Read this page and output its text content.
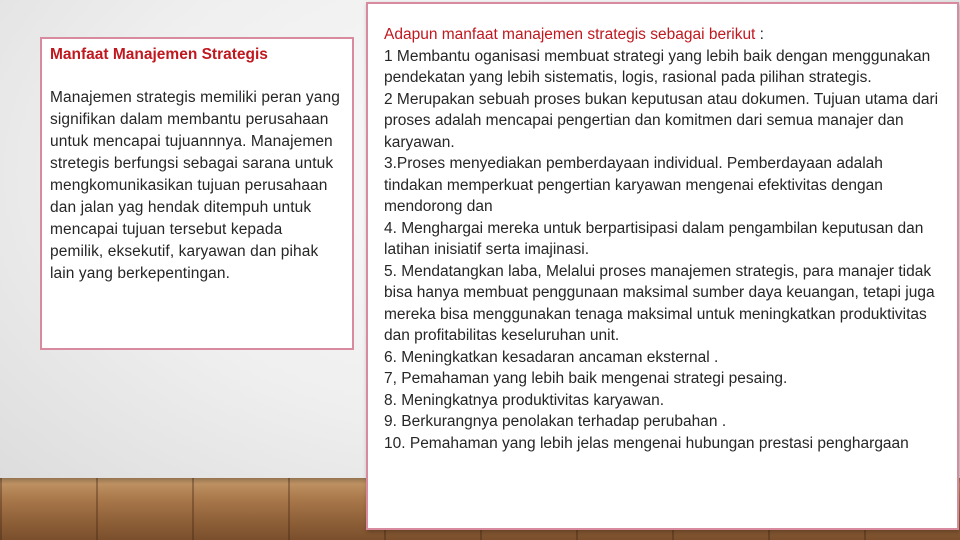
Manfaat Manajemen Strategis
Manajemen strategis memiliki peran yang signifikan dalam membantu perusahaan untuk mencapai tujuannnya. Manajemen stretegis berfungsi sebagai sarana untuk mengkomunikasikan tujuan perusahaan dan jalan yag hendak ditempuh untuk mencapai tujuan tersebut kepada pemilik, eksekutif, karyawan dan pihak lain yang berkepentingan.
Adapun manfaat manajemen strategis sebagai berikut :
1 Membantu oganisasi membuat strategi yang lebih baik dengan menggunakan pendekatan yang lebih sistematis, logis, rasional pada pilihan strategis.
2 Merupakan sebuah proses bukan keputusan atau dokumen. Tujuan utama dari proses adalah mencapai pengertian dan komitmen dari semua manajer dan karyawan.
3.Proses menyediakan pemberdayaan individual. Pemberdayaan adalah tindakan memperkuat pengertian karyawan mengenai efektivitas dengan mendorong dan
4. Menghargai mereka untuk berpartisipasi dalam pengambilan keputusan dan latihan inisiatif serta imajinasi.
5. Mendatangkan laba, Melalui proses manajemen strategis, para manajer tidak bisa hanya membuat penggunaan maksimal sumber daya keuangan, tetapi juga mereka bisa menggunakan tenaga maksimal untuk meningkatkan produktivitas dan profitabilitas keseluruhan unit.
6. Meningkatkan kesadaran ancaman eksternal .
7, Pemahaman yang lebih baik mengenai strategi pesaing.
8. Meningkatnya produktivitas karyawan.
9. Berkurangnya penolakan terhadap perubahan .
10. Pemahaman yang lebih jelas mengenai hubungan prestasi penghargaan
